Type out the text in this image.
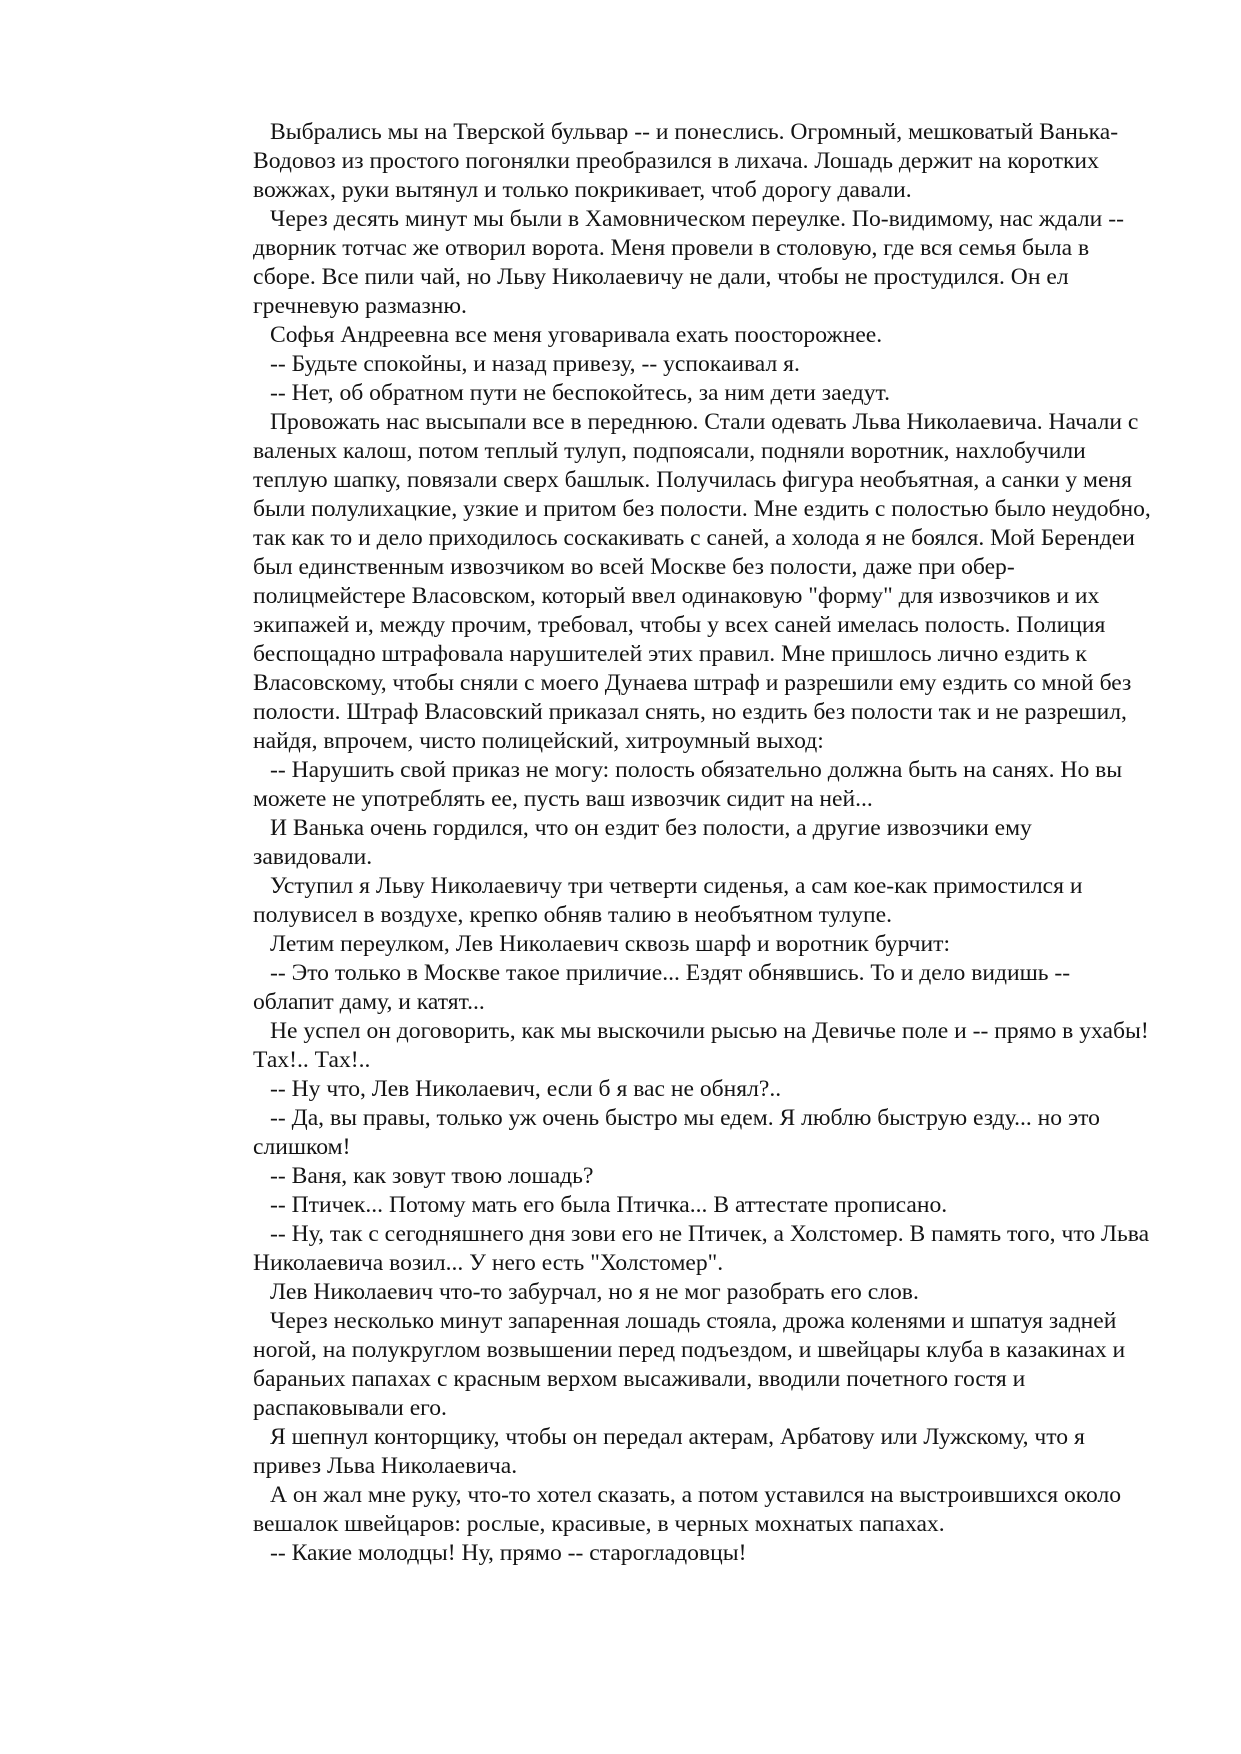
Выбрались мы на Тверской бульвар -- и понеслись. Огромный, мешковатый Ванька-Водовоз из простого погонялки преобразился в лихача. Лошадь держит на коротких вожжах, руки вытянул и только покрикивает, чтоб дорогу давали.

Через десять минут мы были в Хамовническом переулке. По-видимому, нас ждали -- дворник тотчас же отворил ворота. Меня провели в столовую, где вся семья была в сборе. Все пили чай, но Льву Николаевичу не дали, чтобы не простудился. Он ел гречневую размазню.

Софья Андреевна все меня уговаривала ехать поосторожнее.

-- Будьте спокойны, и назад привезу, -- успокаивал я.

-- Нет, об обратном пути не беспокойтесь, за ним дети заедут.

Провожать нас высыпали все в переднюю. Стали одевать Льва Николаевича. Начали с валеных калош, потом теплый тулуп, подпоясали, подняли воротник, нахлобучили теплую шапку, повязали сверх башлык. Получилась фигура необъятная, а санки у меня были полулихацкие, узкие и притом без полости. Мне ездить с полостью было неудобно, так как то и дело приходилось соскакивать с саней, а холода я не боялся. Мой Берендеи был единственным извозчиком во всей Москве без полости, даже при обер-полицмейстере Власовском, который ввел одинаковую "форму" для извозчиков и их экипажей и, между прочим, требовал, чтобы у всех саней имелась полость. Полиция беспощадно штрафовала нарушителей этих правил. Мне пришлось лично ездить к Власовскому, чтобы сняли с моего Дунаева штраф и разрешили ему ездить со мной без полости. Штраф Власовский приказал снять, но ездить без полости так и не разрешил, найдя, впрочем, чисто полицейский, хитроумный выход:

-- Нарушить свой приказ не могу: полость обязательно должна быть на санях. Но вы можете не употреблять ее, пусть ваш извозчик сидит на ней...

И Ванька очень гордился, что он ездит без полости, а другие извозчики ему завидовали.

Уступил я Льву Николаевичу три четверти сиденья, а сам кое-как примостился и полувисел в воздухе, крепко обняв талию в необъятном тулупе.

Летим переулком, Лев Николаевич сквозь шарф и воротник бурчит:

-- Это только в Москве такое приличие... Ездят обнявшись. То и дело видишь -- облапит даму, и катят...

Не успел он договорить, как мы выскочили рысью на Девичье поле и -- прямо в ухабы! Тах!.. Тах!..

-- Ну что, Лев Николаевич, если б я вас не обнял?..

-- Да, вы правы, только уж очень быстро мы едем. Я люблю быструю езду... но это слишком!

-- Ваня, как зовут твою лошадь?

-- Птичек... Потому мать его была Птичка... В аттестате прописано.

-- Ну, так с сегодняшнего дня зови его не Птичек, а Холстомер. В память того, что Льва Николаевича возил... У него есть "Холстомер".

Лев Николаевич что-то забурчал, но я не мог разобрать его слов.

Через несколько минут запаренная лошадь стояла, дрожа коленями и шпатуя задней ногой, на полукруглом возвышении перед подъездом, и швейцары клуба в казакинах и бараньих папахах с красным верхом высаживали, вводили почетного гостя и распаковывали его.

Я шепнул конторщику, чтобы он передал актерам, Арбатову или Лужскому, что я привез Льва Николаевича.

А он жал мне руку, что-то хотел сказать, а потом уставился на выстроившихся около вешалок швейцаров: рослые, красивые, в черных мохнатых папахах.

-- Какие молодцы! Ну, прямо -- старогладовцы!
